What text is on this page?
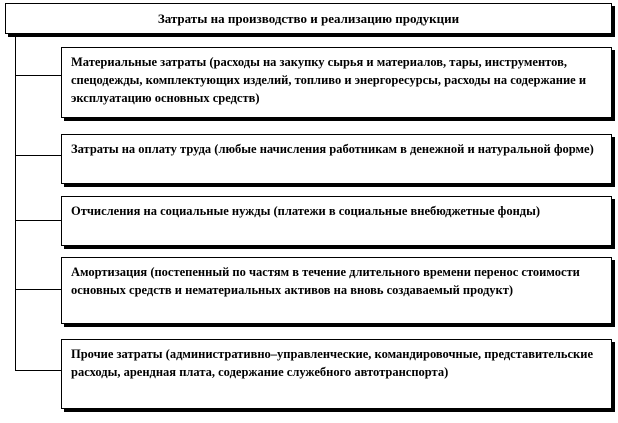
Затраты на производство и реализацию продукции
Материальные затраты (расходы на закупку сырья и материалов, тары, инструментов, спецодежды, комплектующих изделий, топливо и энергоресурсы, расходы на содержание и эксплуатацию основных средств)
Затраты на оплату труда (любые начисления работникам в денежной и натуральной форме)
Отчисления на социальные нужды (платежи в социальные внебюджетные фонды)
Амортизация (постепенный по частям в течение длительного времени перенос стоимости основных средств и нематериальных активов на вновь создаваемый продукт)
Прочие затраты (административно–управленческие, командировочные, представительские расходы, арендная плата, содержание служебного автотранспорта)
